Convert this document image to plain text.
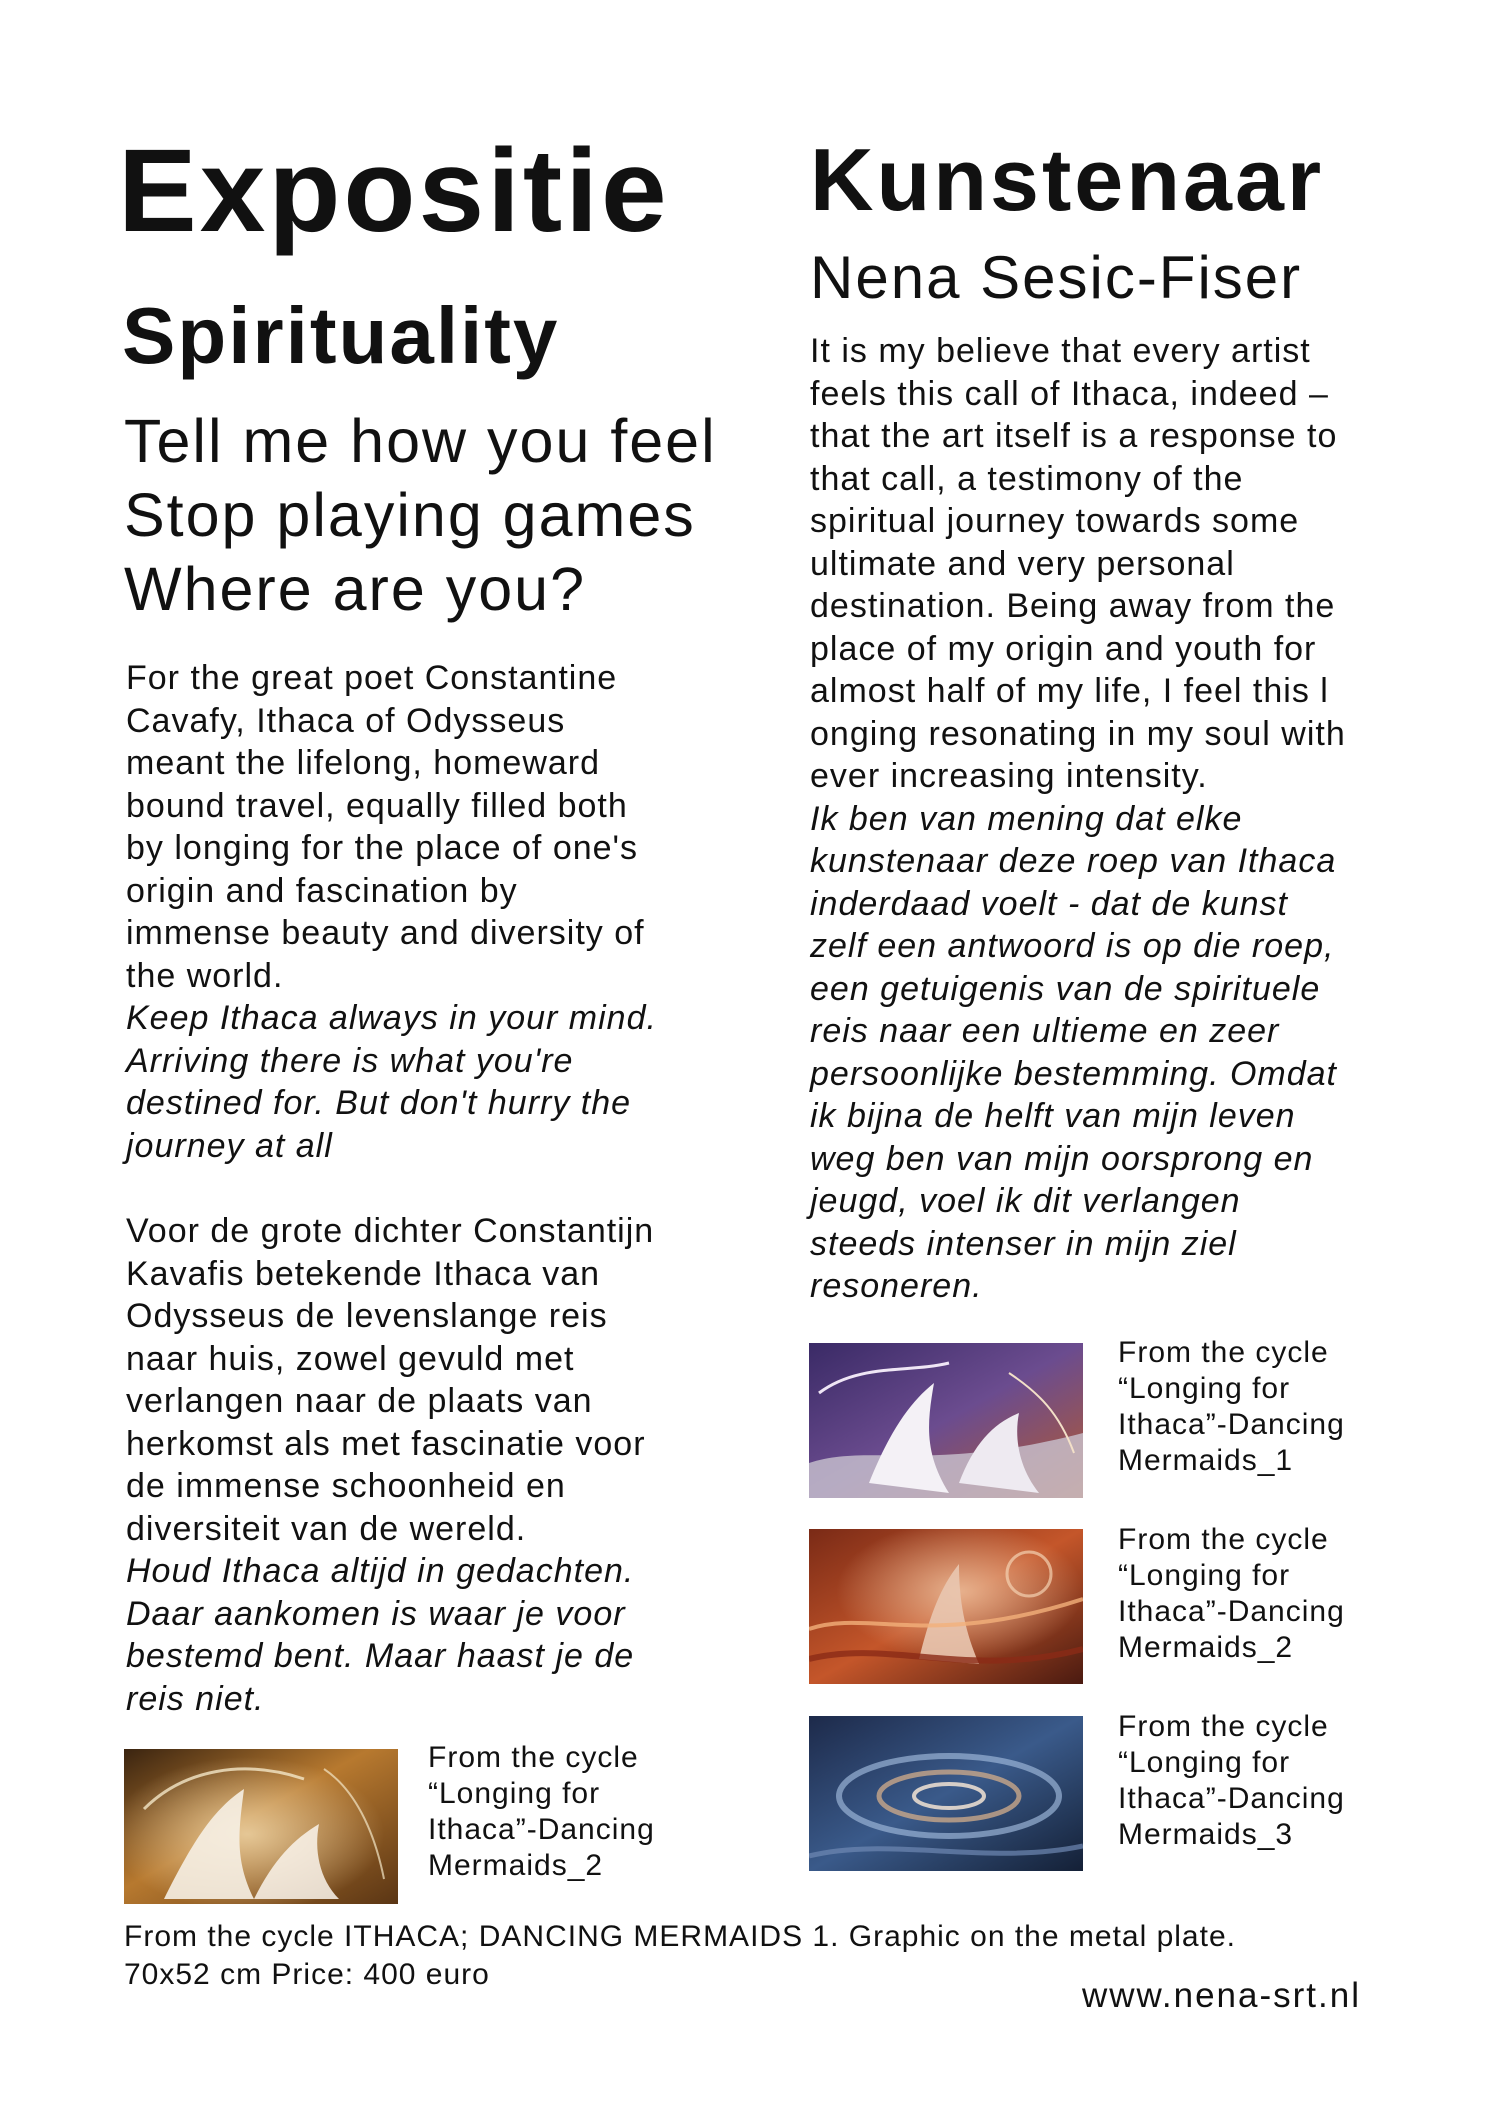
Expositie
Spirituality
Tell me how you feel
Stop playing games
Where are you?
For the great poet Constantine
Cavafy, Ithaca of Odysseus
meant the lifelong, homeward
bound travel, equally filled both
by longing for the place of one's
origin and fascination by
immense beauty and diversity of
the world.
Keep Ithaca always in your mind.
Arriving there is what you're
destined for. But don't hurry the
journey at all
Voor de grote dichter Constantijn
Kavafis betekende Ithaca van
Odysseus de levenslange reis
naar huis, zowel gevuld met
verlangen naar de plaats van
herkomst als met fascinatie voor
de immense schoonheid en
diversiteit van de wereld.
Houd Ithaca altijd in gedachten.
Daar aankomen is waar je voor
bestemd bent. Maar haast je de
reis niet.
From the cycle
“Longing for
Ithaca”-Dancing
Mermaids_2
Kunstenaar
Nena Sesic-Fiser
It is my believe that every artist
feels this call of Ithaca, indeed –
that the art itself is a response to
that call, a testimony of the
spiritual journey towards some
ultimate and very personal
destination. Being away from the
place of my origin and youth for
almost half of my life, I feel this l
onging resonating in my soul with
ever increasing intensity.
Ik ben van mening dat elke
kunstenaar deze roep van Ithaca
inderdaad voelt - dat de kunst
zelf een antwoord is op die roep,
een getuigenis van de spirituele
reis naar een ultieme en zeer
persoonlijke bestemming. Omdat
ik bijna de helft van mijn leven
weg ben van mijn oorsprong en
jeugd, voel ik dit verlangen
steeds intenser in mijn ziel
resoneren.
From the cycle
“Longing for
Ithaca”-Dancing
Mermaids_1
From the cycle
“Longing for
Ithaca”-Dancing
Mermaids_2
From the cycle
“Longing for
Ithaca”-Dancing
Mermaids_3
From the cycle ITHACA; DANCING MERMAIDS 1. Graphic on the metal plate.
70x52 cm Price: 400 euro
www.nena-srt.nl
